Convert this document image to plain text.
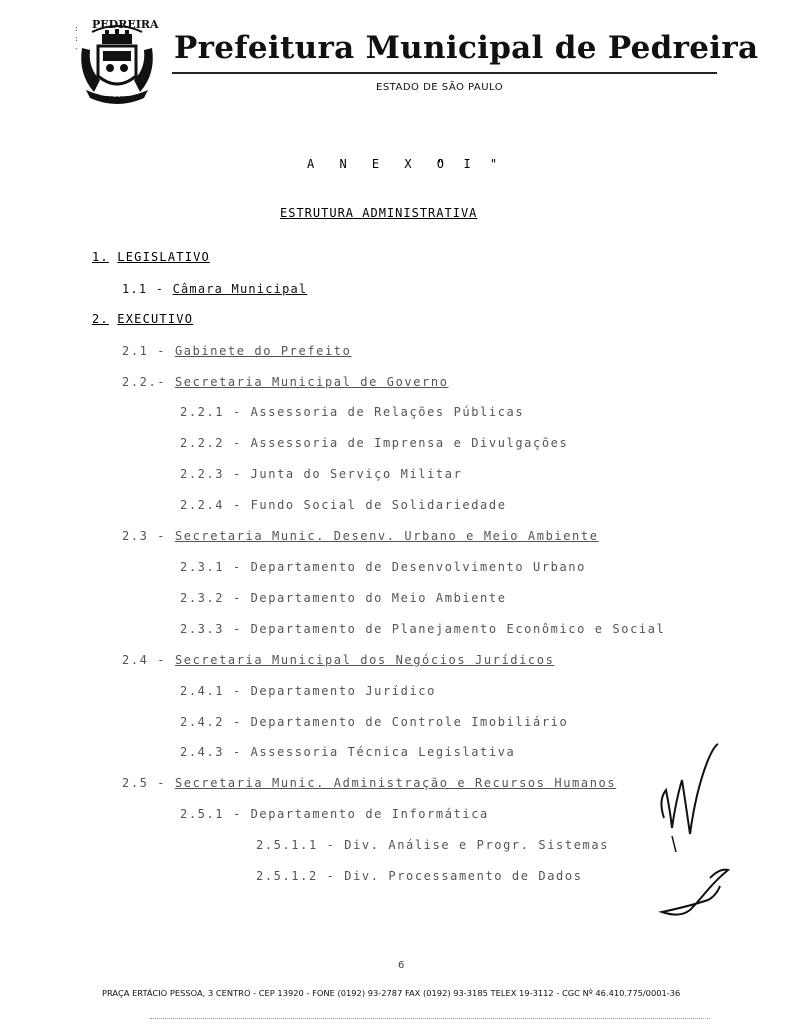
:
:
-
PEDREIRA
PEDREIRA
Prefeitura Municipal de Pedreira
ESTADO DE SÃO PAULO
A N E X O
" I "
ESTRUTURA ADMINISTRATIVA
1. LEGISLATIVO
1.1 - Câmara Municipal
2. EXECUTIVO
2.1 - Gabinete do Prefeito
2.2.- Secretaria Municipal de Governo
2.2.1 - Assessoria de Relações Públicas
2.2.2 - Assessoria de Imprensa e Divulgações
2.2.3 - Junta do Serviço Militar
2.2.4 - Fundo Social de Solidariedade
2.3 - Secretaria Munic. Desenv. Urbano e Meio Ambiente
2.3.1 - Departamento de Desenvolvimento Urbano
2.3.2 - Departamento do Meio Ambiente
2.3.3 - Departamento de Planejamento Econômico e Social
2.4 - Secretaria Municipal dos Negócios Jurídicos
2.4.1 - Departamento Jurídico
2.4.2 - Departamento de Controle Imobiliário
2.4.3 - Assessoria Técnica Legislativa
2.5 - Secretaria Munic. Administração e Recursos Humanos
2.5.1 - Departamento de Informática
2.5.1.1 - Div. Análise e Progr. Sistemas
2.5.1.2 - Div. Processamento de Dados
6
PRAÇA ERTÁCIO PESSOA, 3 CENTRO - CEP 13920 - FONE (0192) 93-2787 FAX (0192) 93-3185 TELEX 19-3112 - CGC Nº 46.410.775/0001-36
